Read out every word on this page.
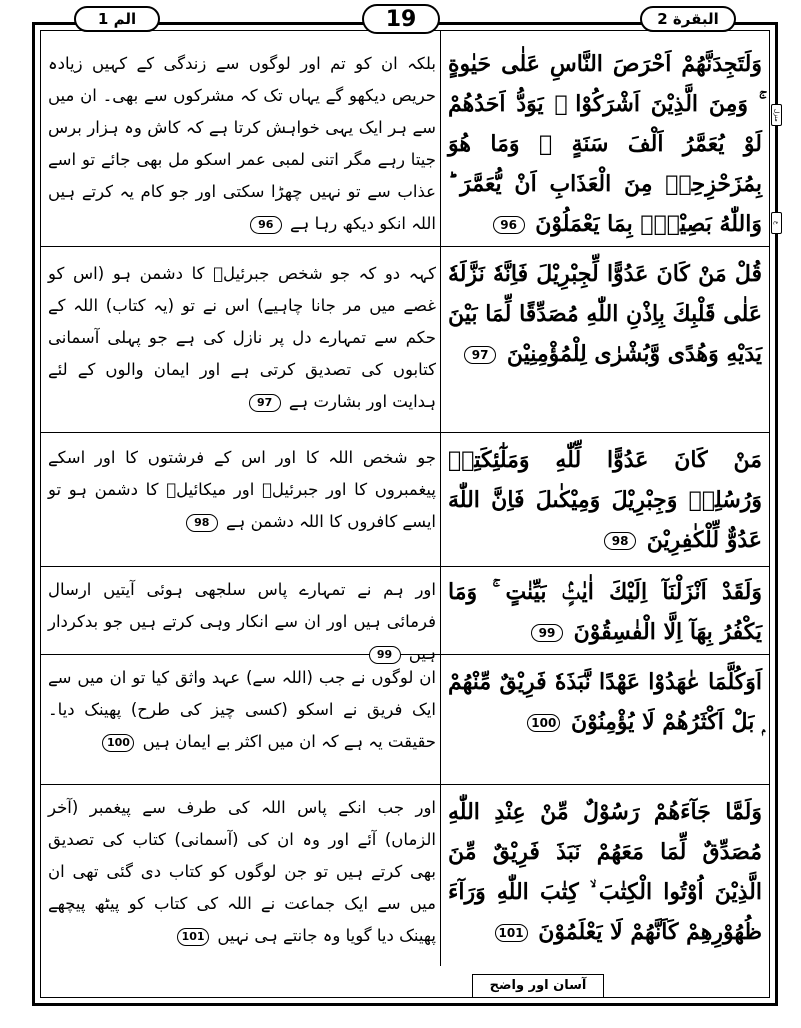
الم 1	19	البقرة 2
منزل
ع
وَلَتَجِدَنَّهُمْ اَحْرَصَ النَّاسِ عَلٰى حَيٰوةٍ ۚ وَمِنَ الَّذِيْنَ اَشْرَكُوْا ۚ يَوَدُّ اَحَدُهُمْ لَوْ يُعَمَّرُ اَلْفَ سَنَةٍ ۚ وَمَا هُوَ بِمُزَحْزِحِهٖ مِنَ الْعَذَابِ اَنْ يُّعَمَّرَ ؕ وَاللّٰهُ بَصِيْرٌۢ بِمَا يَعْمَلُوْنَ 96
بلکہ ان کو تم اور لوگوں سے زندگی کے کہیں زیادہ حریص دیکھو گے یہاں تک کہ مشرکوں سے بھی۔ ان میں سے ہر ایک یہی خواہش کرتا ہے کہ کاش وہ ہزار برس جیتا رہے مگر اتنی لمبی عمر اسکو مل بھی جائے تو اسے عذاب سے تو نہیں چھڑا سکتی اور جو کام یہ کرتے ہیں اللہ انکو دیکھ رہا ہے 96
قُلْ مَنْ كَانَ عَدُوًّا لِّجِبْرِيْلَ فَاِنَّهٗ نَزَّلَهٗ عَلٰى قَلْبِكَ بِاِذْنِ اللّٰهِ مُصَدِّقًا لِّمَا بَيْنَ يَدَيْهِ وَهُدًى وَّبُشْرٰى لِلْمُؤْمِنِيْنَ 97
کہہ دو کہ جو شخص جبرئیلؑ کا دشمن ہو (اس کو غصے میں مر جانا چاہیے) اس نے تو (یہ کتاب) اللہ کے حکم سے تمہارے دل پر نازل کی ہے جو پہلی آسمانی کتابوں کی تصدیق کرتی ہے اور ایمان والوں کے لئے ہدایت اور بشارت ہے 97
مَنْ كَانَ عَدُوًّا لِّلّٰهِ وَمَلٰٓئِكَتِهٖ وَرُسُلِهٖ وَجِبْرِيْلَ وَمِيْكٰىلَ فَاِنَّ اللّٰهَ عَدُوٌّ لِّلْكٰفِرِيْنَ 98
جو شخص اللہ کا اور اس کے فرشتوں کا اور اسکے پیغمبروں کا اور جبرئیلؑ اور میکائیلؑ کا دشمن ہو تو ایسے کافروں کا اللہ دشمن ہے 98
وَلَقَدْ اَنْزَلْنَآ اِلَيْكَ اٰيٰتٍۢ بَيِّنٰتٍ ۚ وَمَا يَكْفُرُ بِهَآ اِلَّا الْفٰسِقُوْنَ 99
اور ہم نے تمہارے پاس سلجھی ہوئی آیتیں ارسال فرمائی ہیں اور ان سے انکار وہی کرتے ہیں جو بدکردار ہیں 99
اَوَكُلَّمَا عٰهَدُوْا عَهْدًا نَّبَذَهٗ فَرِيْقٌ مِّنْهُمْ ۭ بَلْ اَكْثَرُهُمْ لَا يُؤْمِنُوْنَ 100
ان لوگوں نے جب (اللہ سے) عہد واثق کیا تو ان میں سے ایک فریق نے اسکو (کسی چیز کی طرح) پھینک دیا۔ حقیقت یہ ہے کہ ان میں اکثر بے ایمان ہیں 100
وَلَمَّا جَآءَهُمْ رَسُوْلٌ مِّنْ عِنْدِ اللّٰهِ مُصَدِّقٌ لِّمَا مَعَهُمْ نَبَذَ فَرِيْقٌ مِّنَ الَّذِيْنَ اُوْتُوا الْكِتٰبَ ۙ كِتٰبَ اللّٰهِ وَرَآءَ ظُهُوْرِهِمْ كَاَنَّهُمْ لَا يَعْلَمُوْنَ 101
اور جب انکے پاس اللہ کی طرف سے پیغمبر (آخر الزماں) آئے اور وہ ان کی (آسمانی) کتاب کی تصدیق بھی کرتے ہیں تو جن لوگوں کو کتاب دی گئی تھی ان میں سے ایک جماعت نے اللہ کی کتاب کو پیٹھ پیچھے پھینک دیا گویا وہ جانتے ہی نہیں 101
آسان اور واضح
